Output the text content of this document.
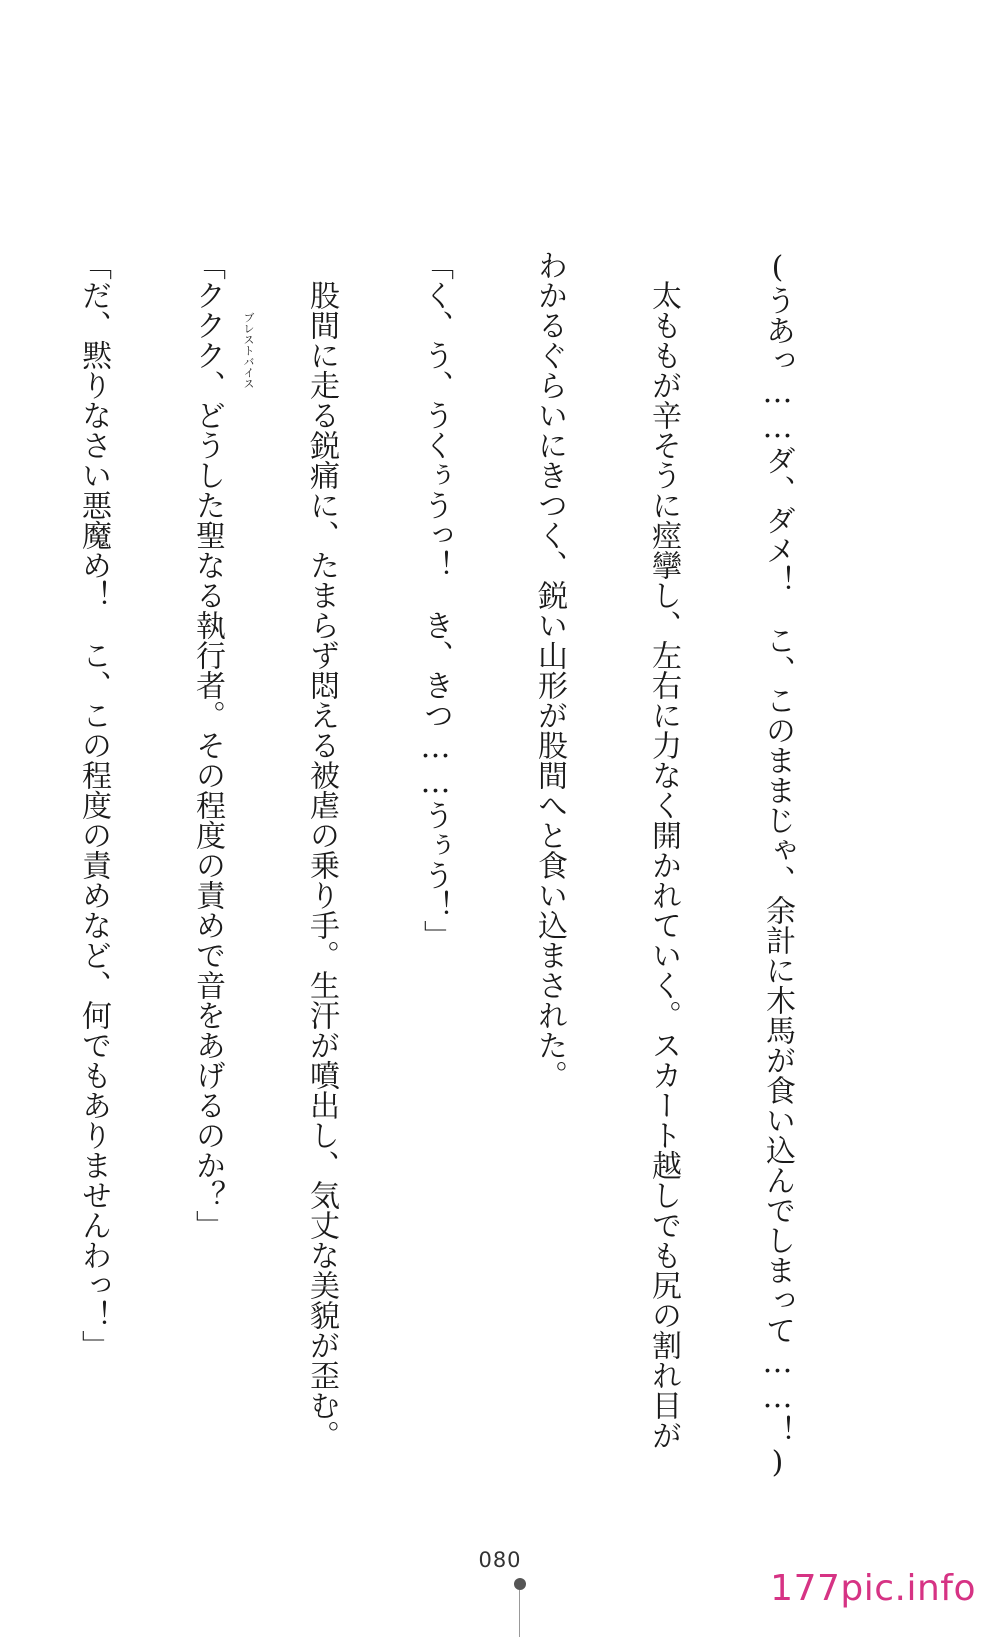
(うあっ……ダ、ダメ！　こ、このままじゃ、余計に木馬が食い込んでしまって……！)

　太ももが辛そうに痙攣し、左右に力なく開かれていく。スカート越しでも尻の割れ目が

わかるぐらいにきつく、鋭い山形が股間へと食い込まされた。

「く、う、うくぅうっ！　き、きつ……うぅう！」

　股間に走る鋭痛に、たまらず悶える被虐の乗り手。生汗が噴出し、気丈な美貌が歪む。

「ククク、どうした聖なる執行者。その程度の責めで音をあげるのか？」

「だ、黙りなさい悪魔め！　こ、この程度の責めなど、何でもありませんわっ！」

	ブレストバイス
080
177pic.info
